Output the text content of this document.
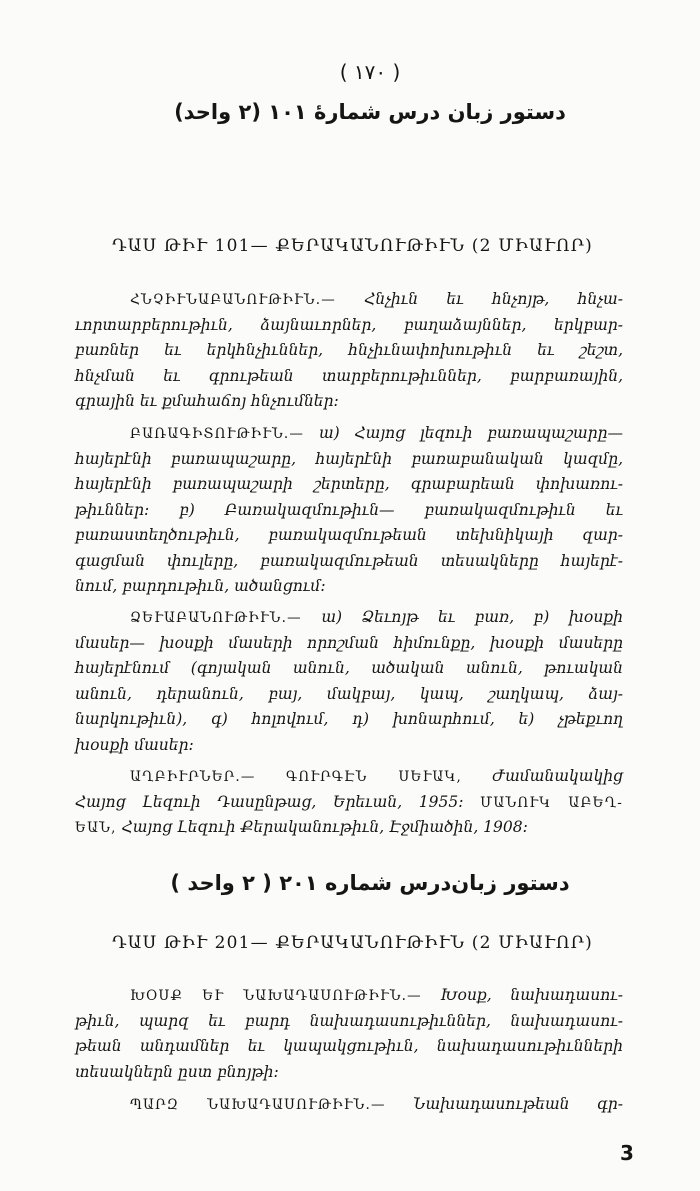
( ۱۷۰ )
دستور زبان درس شمارهٔ ۱۰۱ (۲ واحد)
ԴԱՍ ԹԻՒ 101— ՔԵՐԱԿԱՆՈՒԹԻՒՆ (2 ՄԻԱՒՈՐ)
ՀՆՉԻՒՆԱԲԱՆՈՒԹԻՒՆ.— Հնչիւն եւ հնչոյթ, հնչա-
ւորտարբերութիւն, ձայնաւորներ, բաղաձայններ, երկբար-
բառներ եւ երկհնչիւններ, հնչիւնափոխութիւն եւ շեշտ,
հնչման եւ գրութեան տարբերութիւններ, բարբառային,
գրային եւ քմահաճոյ հնչումներ:
ԲԱՌԱԳԻՏՈՒԹԻՒՆ.— ա) Հայոց լեզուի բառապաշարը—
հայերէնի բառապաշարը, հայերէնի բառաբանական կազմը,
հայերէնի բառապաշարի շերտերը, գրաբարեան փոխառու-
թիւններ: բ) Բառակազմութիւն— բառակազմութիւն եւ
բառաստեղծութիւն, բառակազմութեան տեխնիկայի զար-
գացման փուլերը, բառակազմութեան տեսակները հայերէ-
նում, բարդութիւն, ածանցում:
ՁԵՒԱԲԱՆՈՒԹԻՒՆ.— ա) Ձեւոյթ եւ բառ, բ) խօսքի
մասեր— խօսքի մասերի որոշման հիմունքը, խօսքի մասերը
հայերէնում (գոյական անուն, ածական անուն, թուական
անուն, դերանուն, բայ, մակբայ, կապ, շաղկապ, ձայ-
նարկութիւն), գ) հոլովում, դ) խոնարհում, ե) չթեքւող
խօսքի մասեր:
ԱՂԲԻՒՐՆԵՐ.— ԳՈՒՐԳԷՆ ՍԵՒԱԿ, Ժամանակակից
Հայոց Լեզուի Դասընթաց, Երեւան, 1955: ՄԱՆՈՒԿ ԱԲԵՂ-
ԵԱՆ, Հայոց Լեզուի Քերականութիւն, Էջմիածին, 1908:
دستور زبان‌درس شماره ۲۰۱ ( ۲ واحد )
ԴԱՍ ԹԻՒ 201— ՔԵՐԱԿԱՆՈՒԹԻՒՆ (2 ՄԻԱՒՈՐ)
ԽՕՍՔ ԵՒ ՆԱԽԱԴԱՍՈՒԹԻՒՆ.— Խօսք, նախադասու-
թիւն, պարզ եւ բարդ նախադասութիւններ, նախադասու-
թեան անդամներ եւ կապակցութիւն, նախադասութիւնների
տեսակներն ըստ բնոյթի:
ՊԱՐԶ ՆԱԽԱԴԱՍՈՒԹԻՒՆ.— Նախադասութեան գր-
3
